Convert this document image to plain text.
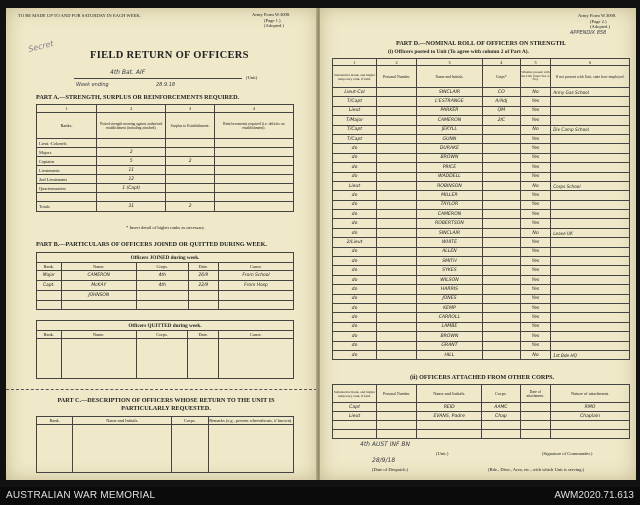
TO BE MADE UP TO AND FOR SATURDAY IN EACH WEEK.	Army Form W.3008.
(Page 1.)
(Adopted.)
Secret
FIELD RETURN OF OFFICERS
4th Bat. AIF
(Unit)
Week ending	28.9.18
PART A.—STRENGTH, SURPLUS OR REINFORCEMENTS REQUIRED.
1	2	3	4
Ranks.	Posted strength morning against authorised establishment (including attached).	Surplus to Establishment.	Reinforcements required (i.e. deficits on establishment).
Lieut.-Colonels			
Majors	2		
Captains	5	2	
Lieutenants	11		
2nd Lieutenants	12		
Quartermasters	1 (Capt)		

Totals	31	2	
* Insert detail of higher ranks as necessary.
PART B.—PARTICULARS OF OFFICERS JOINED OR QUITTED DURING WEEK.
Officers JOINED during week.				
Rank.	Name.	Corps.	Date.	Cause.
Major	CAMERON	4th	26/9	From School
Capt.	McKAY	4th	22/9	From Hosp
	JOHNSON			

Officers QUITTED during week.				
Rank.	Name.	Corps.	Date.	Cause.

PART C.—DESCRIPTION OF OFFICERS WHOSE RETURN TO THE UNIT IS PARTICULARLY REQUESTED.
Rank.	Name and Initials.	Corps.	Remarks (e.g., present whereabouts, if known).

Army Form W.3008.
(Page 2.)
(Adopted.)
APPENDIX 858
PART D.—NOMINAL ROLL OF OFFICERS ON STRENGTH.
(i) Officers posted to Unit (To agree with column 2 of Part A).
1	2	3	4	5	6
Substantive Rank, and higher temporary rank, if held.	Personal Number.	Name and Initials.	Corps*	Whether present with the Unit (State Yes or No).	If not present with Unit, state how employed.
Lieut-Col		SINCLAIR	CO	No	Army Gas School
T/Capt		L'ESTRANGE	A/Adj	Yes	
Lieut		PARKER	QM	Yes	
T/Major		CAMERON	2IC	Yes	
T/Capt		JEKYLL		No	Div Camp School
T/Capt		GUNN		Yes	
do		DURAKE		Yes	
do		BROWN		Yes	
do		PRICE		Yes	
do		WADDELL		Yes	
Lieut		ROBINSON		No	Corps School
do		MILLER		Yes	
do		TAYLOR		Yes	
do		CAMERON		Yes	
do		ROBERTSON		Yes	
do		SINCLAIR		No	Leave UK
2/Lieut		WHITE		Yes	
do		ALLEN		Yes	
do		SMITH		Yes	
do		SYKES		Yes	
do		WILSON		Yes	
do		HARRIS		Yes	
do		JONES		Yes	
do		KEMP		Yes	
do		CARROLL		Yes	
do		LAMBE		Yes	
do		BROWN		Yes	
do		GRANT		Yes	
do		HILL		No	1st Bde HQ
(ii) OFFICERS ATTACHED FROM OTHER CORPS.
Substantive Rank, and higher temporary rank, if held.	Personal Number.	Name and Initials.	Corps.	Date of attachment.	Nature of attachment.
Capt		REID	AAMC		RMO
Lieut		EVANS, Padre	Chap		Chaplain

4th AUST INF BN
(Unit.)	(Signature of Commander.)
28/9/18
(Date of Despatch.)	(Bde., Divn., Area, etc., with which Unit is serving.)
AUSTRALIAN WAR MEMORIAL	AWM2020.71.613
